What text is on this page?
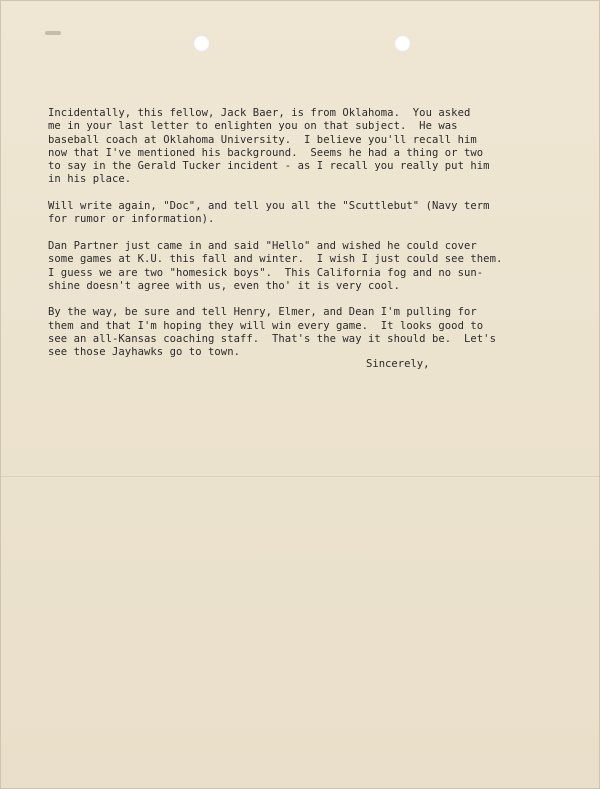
Incidentally, this fellow, Jack Baer, is from Oklahoma.  You asked
me in your last letter to enlighten you on that subject.  He was
baseball coach at Oklahoma University.  I believe you'll recall him
now that I've mentioned his background.  Seems he had a thing or two
to say in the Gerald Tucker incident - as I recall you really put him
in his place.

Will write again, "Doc", and tell you all the "Scuttlebut" (Navy term
for rumor or information).

Dan Partner just came in and said "Hello" and wished he could cover
some games at K.U. this fall and winter.  I wish I just could see them.
I guess we are two "homesick boys".  This California fog and no sun-
shine doesn't agree with us, even tho' it is very cool.

By the way, be sure and tell Henry, Elmer, and Dean I'm pulling for
them and that I'm hoping they will win every game.  It looks good to
see an all-Kansas coaching staff.  That's the way it should be.  Let's
see those Jayhawks go to town.

Sincerely,
